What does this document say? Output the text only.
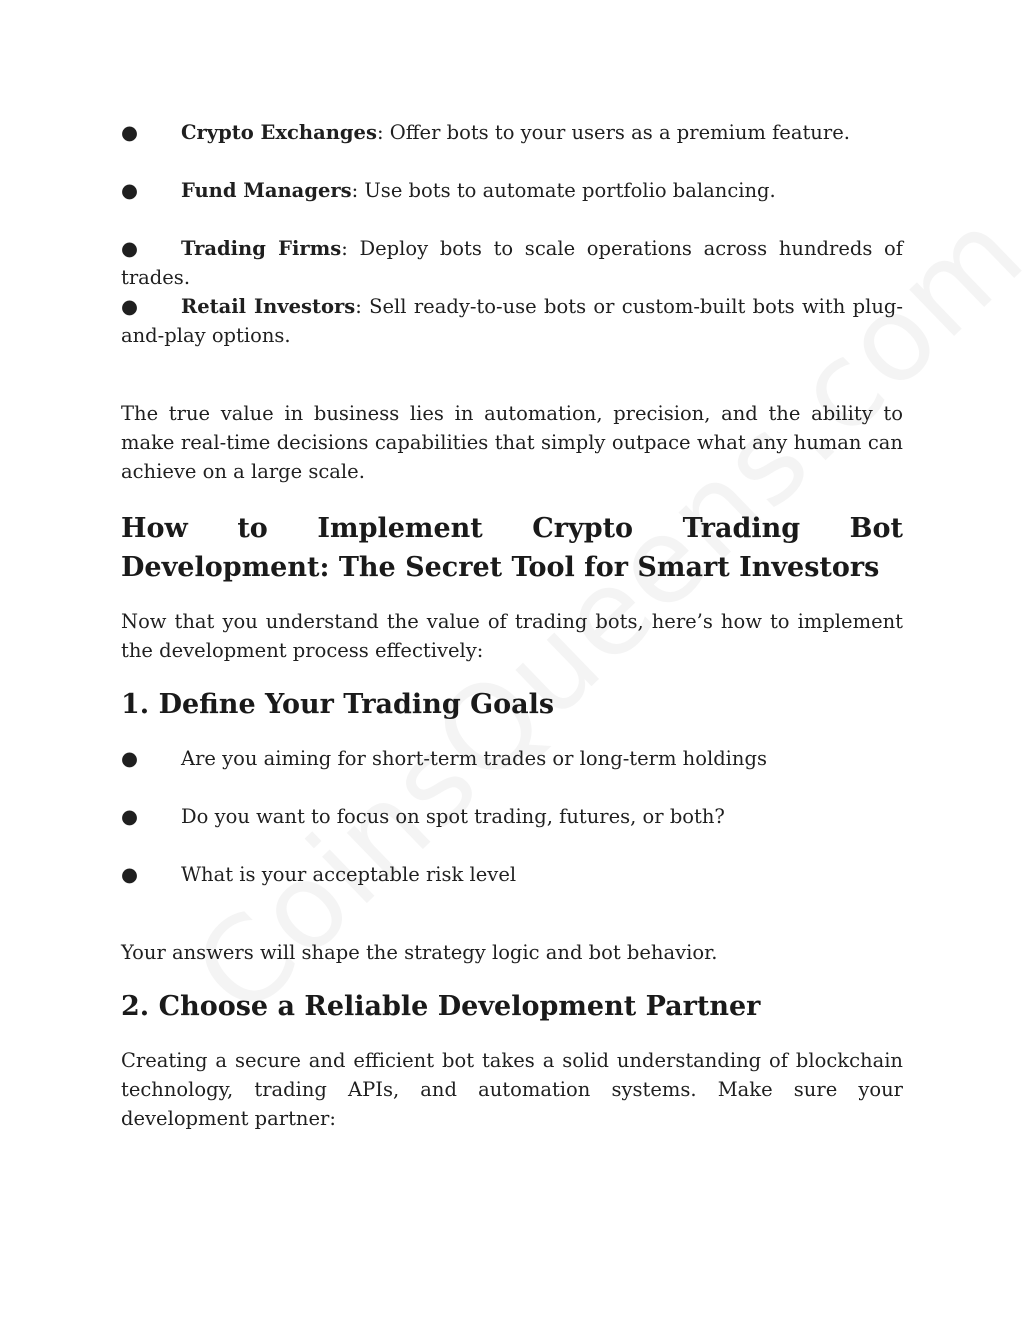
● Crypto Exchanges: Offer bots to your users as a premium feature.
● Fund Managers: Use bots to automate portfolio balancing.
● Trading Firms: Deploy bots to scale operations across hundreds of trades.
● Retail Investors: Sell ready-to-use bots or custom-built bots with plug-and-play options.

The true value in business lies in automation, precision, and the ability to make real-time decisions capabilities that simply outpace what any human can achieve on a large scale.

How to Implement Crypto Trading Bot Development: The Secret Tool for Smart Investors

Now that you understand the value of trading bots, here’s how to implement the development process effectively:

1. Define Your Trading Goals
● Are you aiming for short-term trades or long-term holdings
● Do you want to focus on spot trading, futures, or both?
● What is your acceptable risk level

Your answers will shape the strategy logic and bot behavior.

2. Choose a Reliable Development Partner

Creating a secure and efficient bot takes a solid understanding of blockchain technology, trading APIs, and automation systems. Make sure your development partner:
